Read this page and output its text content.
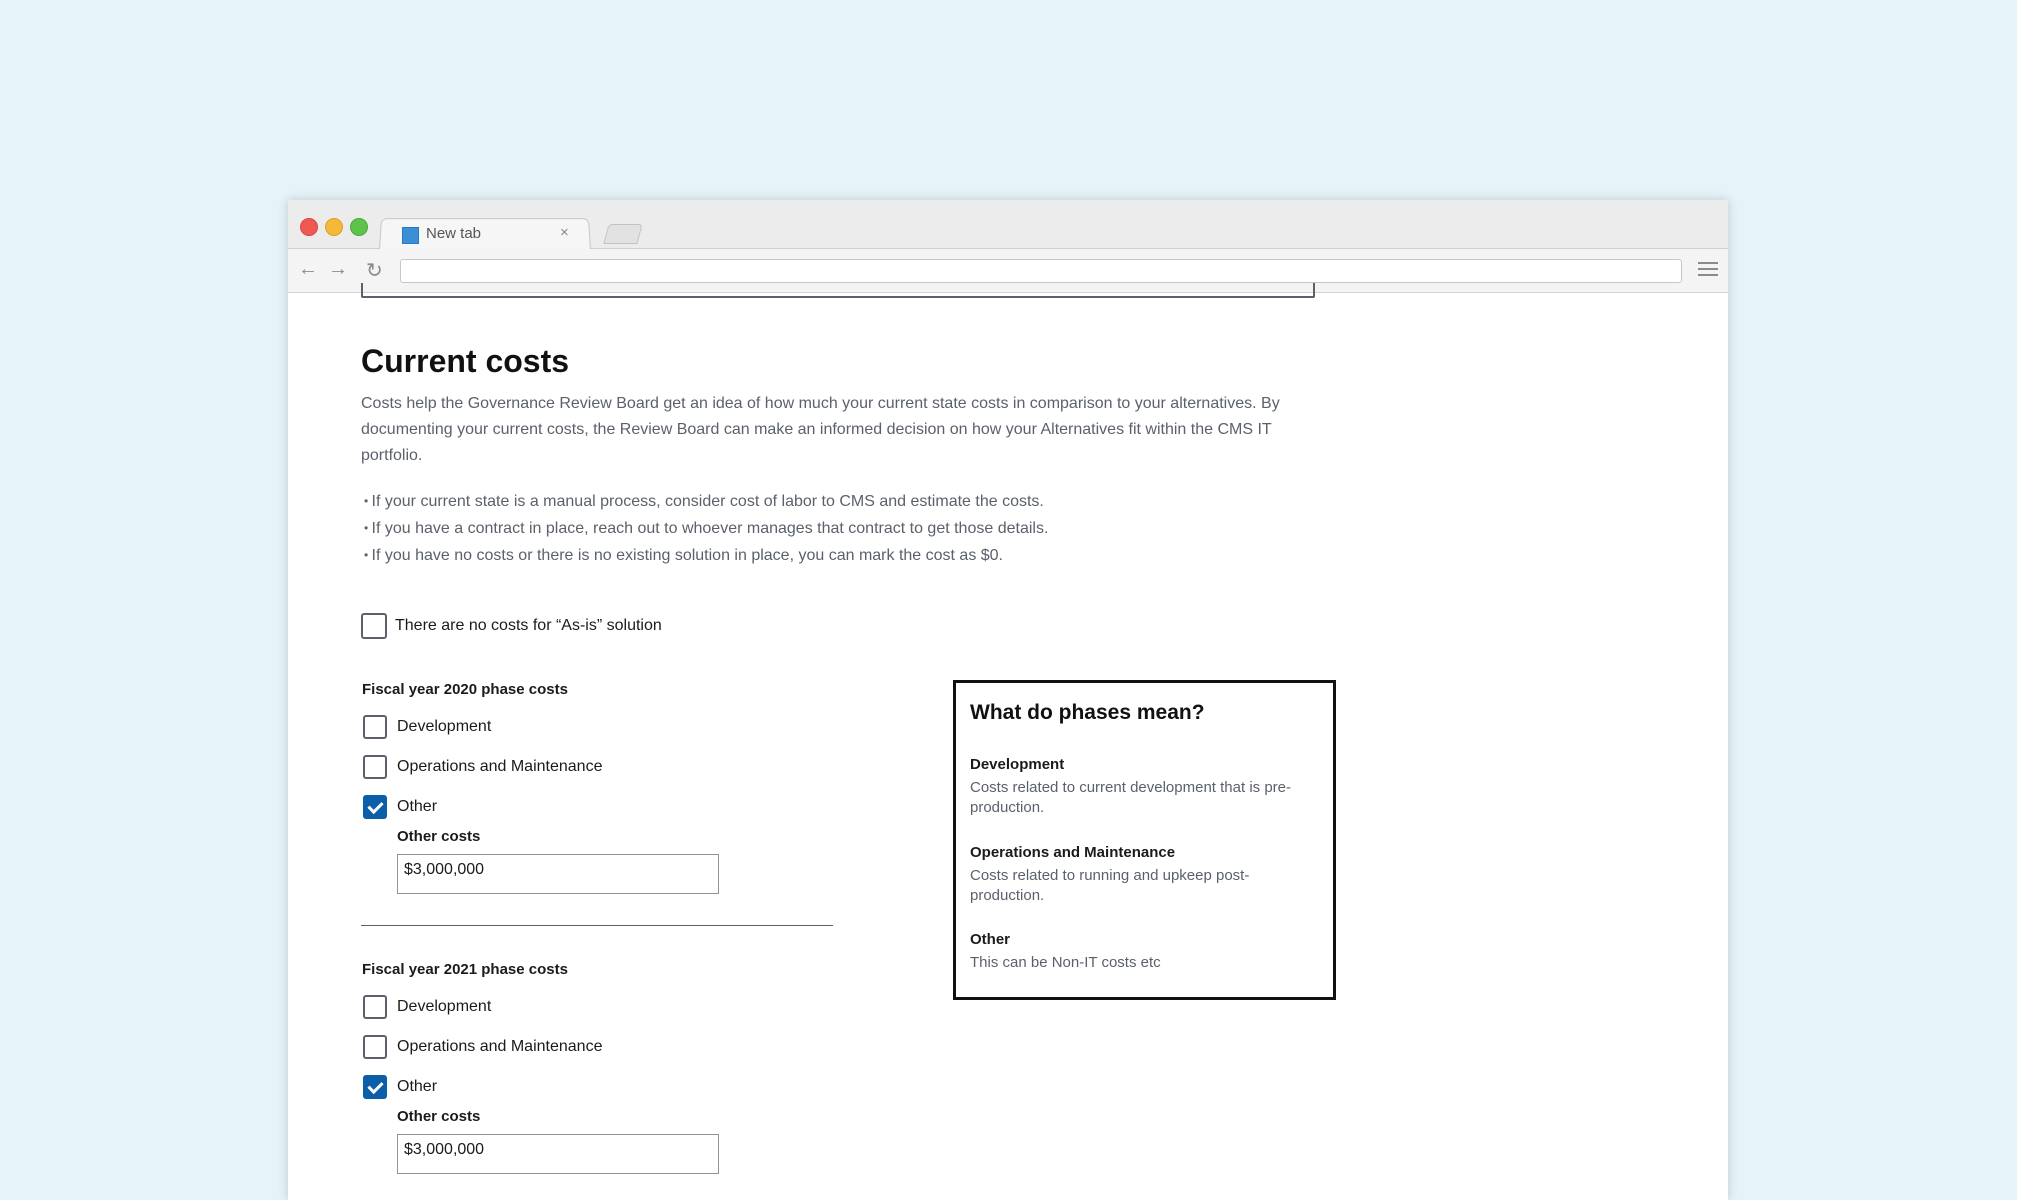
New tab	×
← → ↻
Current costs

Costs help the Governance Review Board get an idea of how much your current state costs in comparison to your alternatives. By documenting your current costs, the Review Board can make an informed decision on how your Alternatives fit within the CMS IT portfolio.

• If your current state is a manual process, consider cost of labor to CMS and estimate the costs.
• If you have a contract in place, reach out to whoever manages that contract to get those details.
• If you have no costs or there is no existing solution in place, you can mark the cost as $0.
There are no costs for “As-is” solution
Fiscal year 2020 phase costs
Development
Operations and Maintenance
Other
Other costs
$3,000,000
Fiscal year 2021 phase costs
Development
Operations and Maintenance
Other
Other costs
$3,000,000
What do phases mean?
Development
Costs related to current development that is pre-production.
Operations and Maintenance
Costs related to running and upkeep post-production.
Other
This can be Non-IT costs etc
